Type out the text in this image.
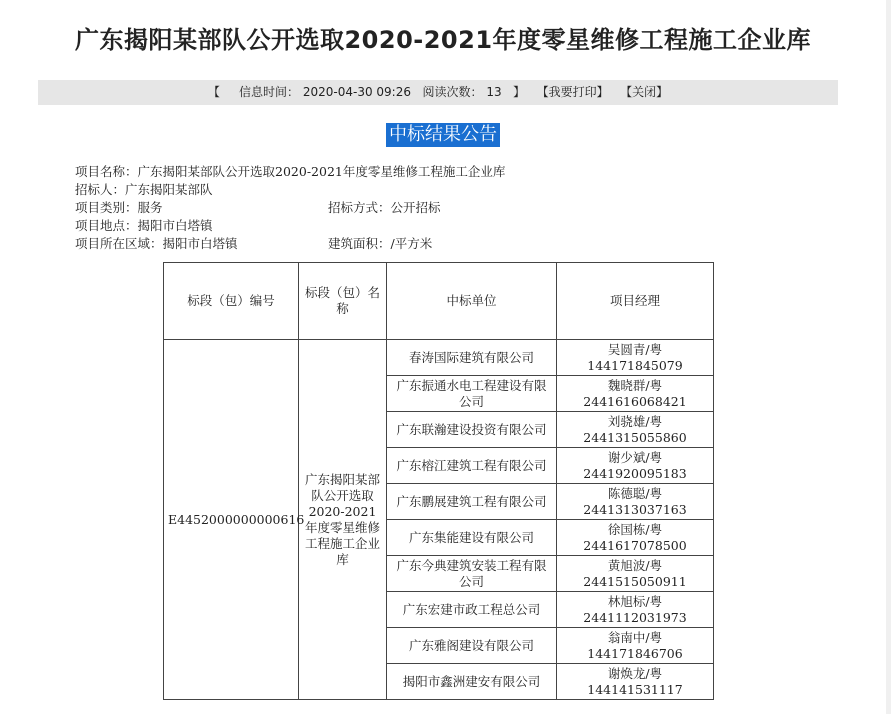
广东揭阳某部队公开选取2020-2021年度零星维修工程施工企业库
【 信息时间： 2020-04-30 09:26 阅读次数： 13 】 【我要打印】 【关闭】
中标结果公告
项目名称：广东揭阳某部队公开选取2020-2021年度零星维修工程施工企业库
招标人：广东揭阳某部队
项目类别：服务	招标方式：公开招标
项目地点：揭阳市白塔镇
项目所在区域：揭阳市白塔镇	建筑面积：/平方米
标段（包）编号	标段（包）名称	中标单位	项目经理
E4452000000000616	广东揭阳某部队公开选取2020-2021年度零星维修工程施工企业库	春涛国际建筑有限公司	吴圆青/粤144171845079
		广东振通水电工程建设有限公司	魏晓群/粤2441616068421
		广东联瀚建设投资有限公司	刘骁雄/粤2441315055860
		广东榕江建筑工程有限公司	谢少斌/粤2441920095183
		广东鹏展建筑工程有限公司	陈德聪/粤2441313037163
		广东集能建设有限公司	徐国栋/粤2441617078500
		广东今典建筑安装工程有限公司	黄旭波/粤2441515050911
		广东宏建市政工程总公司	林旭标/粤2441112031973
		广东雅阁建设有限公司	翁南中/粤144171846706
		揭阳市鑫洲建安有限公司	谢焕龙/粤144141531117
